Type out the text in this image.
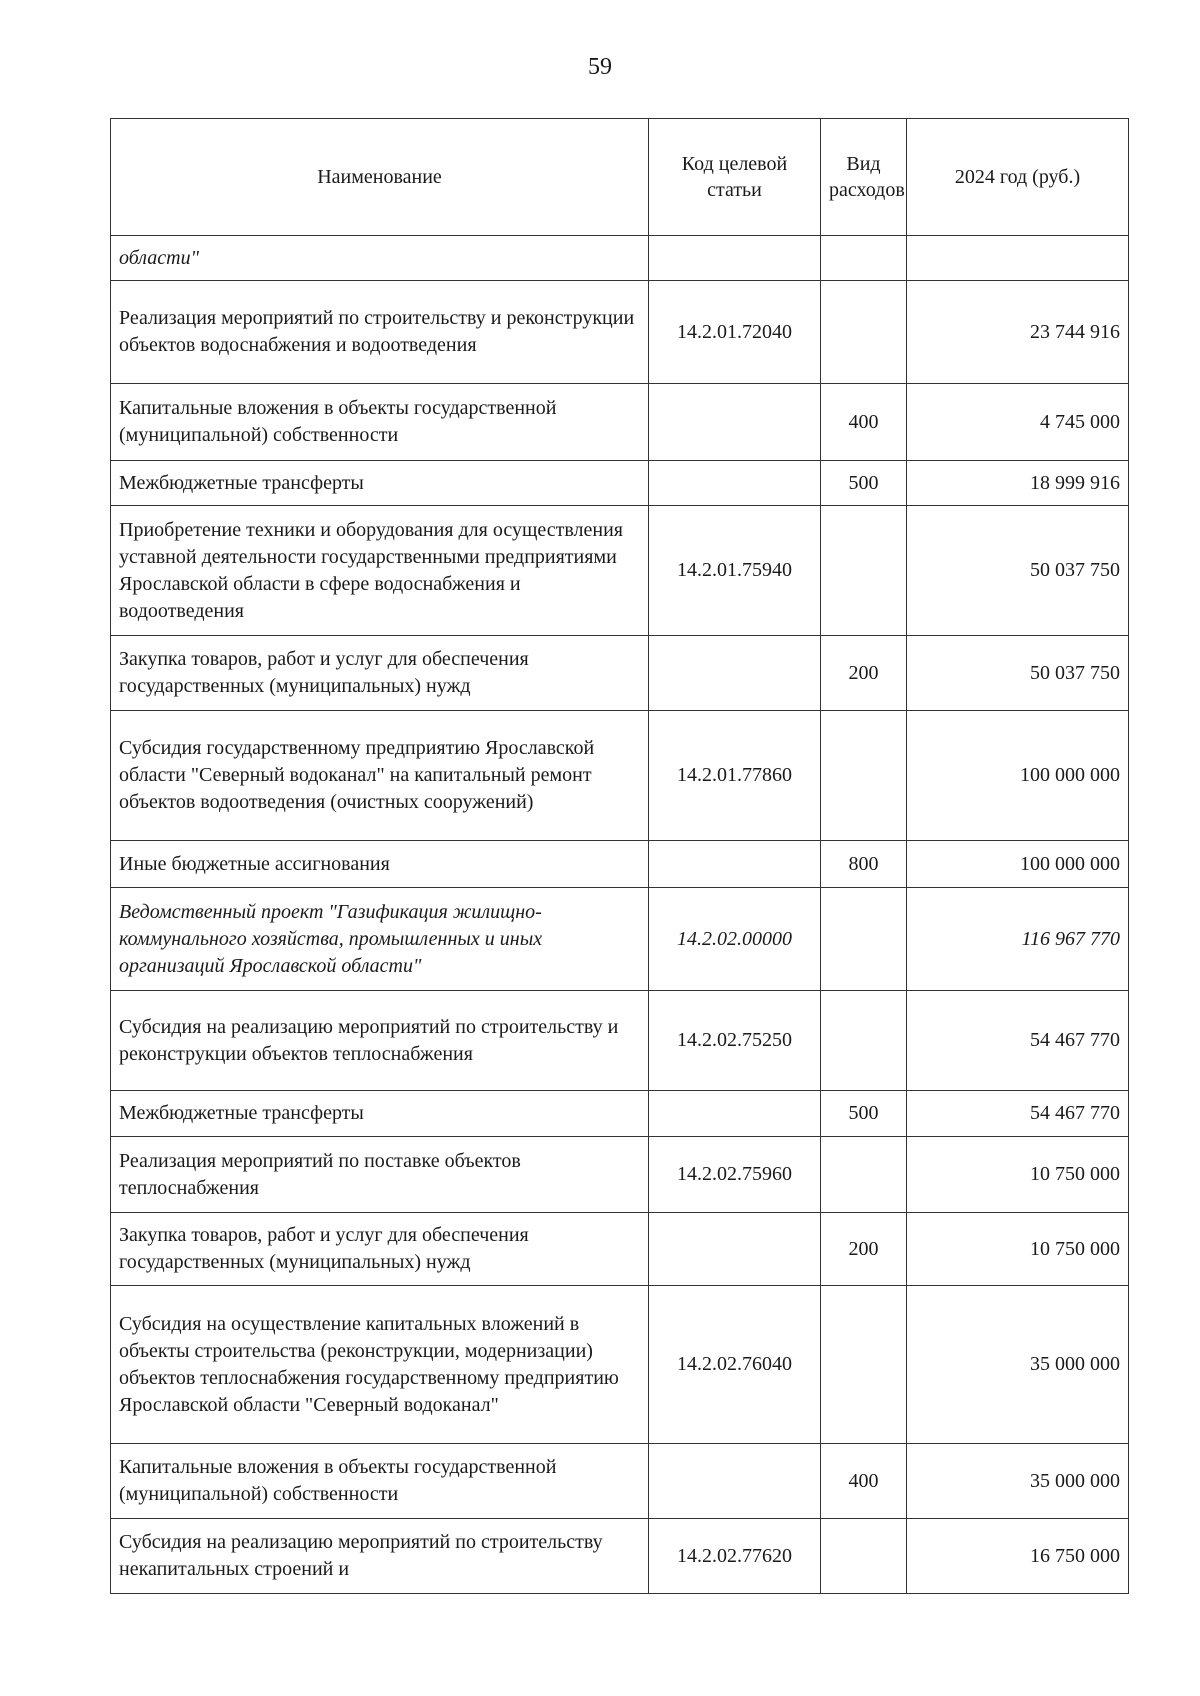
59
Наименование	Код целевой статьи	Вид расходов	2024 год (руб.)
области"			
Реализация мероприятий по строительству и реконструкции объектов водоснабжения и водоотведения	14.2.01.72040		23 744 916
Капитальные вложения в объекты государственной (муниципальной) собственности		400	4 745 000
Межбюджетные трансферты		500	18 999 916
Приобретение техники и оборудования для осуществления уставной деятельности государственными предприятиями Ярославской области в сфере водоснабжения и водоотведения	14.2.01.75940		50 037 750
Закупка товаров, работ и услуг для обеспечения государственных (муниципальных) нужд		200	50 037 750
Субсидия государственному предприятию Ярославской области "Северный водоканал" на капитальный ремонт объектов водоотведения (очистных сооружений)	14.2.01.77860		100 000 000
Иные бюджетные ассигнования		800	100 000 000
Ведомственный проект "Газификация жилищно-коммунального хозяйства, промышленных и иных организаций Ярославской области"	14.2.02.00000		116 967 770
Субсидия на реализацию мероприятий по строительству и реконструкции объектов теплоснабжения	14.2.02.75250		54 467 770
Межбюджетные трансферты		500	54 467 770
Реализация мероприятий по поставке объектов теплоснабжения	14.2.02.75960		10 750 000
Закупка товаров, работ и услуг для обеспечения государственных (муниципальных) нужд		200	10 750 000
Субсидия на осуществление капитальных вложений в объекты строительства (реконструкции, модернизации) объектов теплоснабжения государственному предприятию Ярославской области "Северный водоканал"	14.2.02.76040		35 000 000
Капитальные вложения в объекты государственной (муниципальной) собственности		400	35 000 000
Субсидия на реализацию мероприятий по строительству некапитальных строений и	14.2.02.77620		16 750 000
